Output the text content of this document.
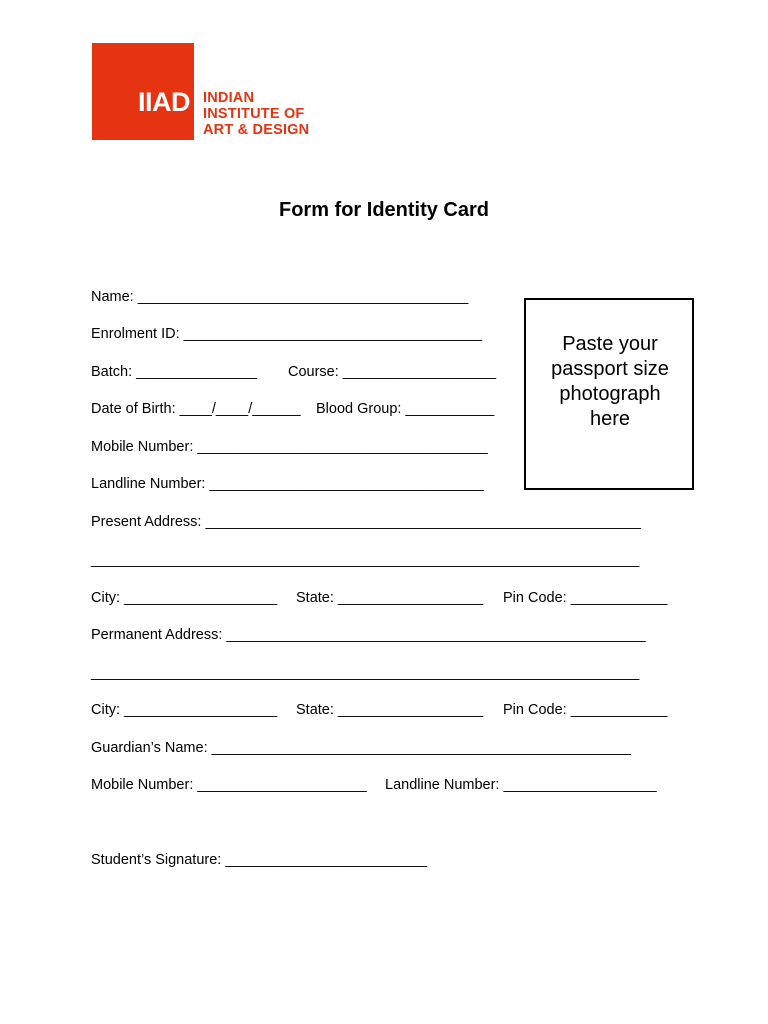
IIAD INDIAN
INSTITUTE OF
ART & DESIGN
Form for Identity Card
Paste your
passport size
photograph
here
Name: _________________________________________
Enrolment ID: _____________________________________
Batch: _______________ Course: ___________________
Date of Birth: ____/____/______ Blood Group: ___________
Mobile Number: ____________________________________
Landline Number: __________________________________
Present Address: ______________________________________________________
____________________________________________________________________
City: ___________________ State: __________________ Pin Code: ____________
Permanent Address: ____________________________________________________
____________________________________________________________________
City: ___________________ State: __________________ Pin Code: ____________
Guardian’s Name: ____________________________________________________
Mobile Number: _____________________ Landline Number: ___________________
Student’s Signature: _________________________
